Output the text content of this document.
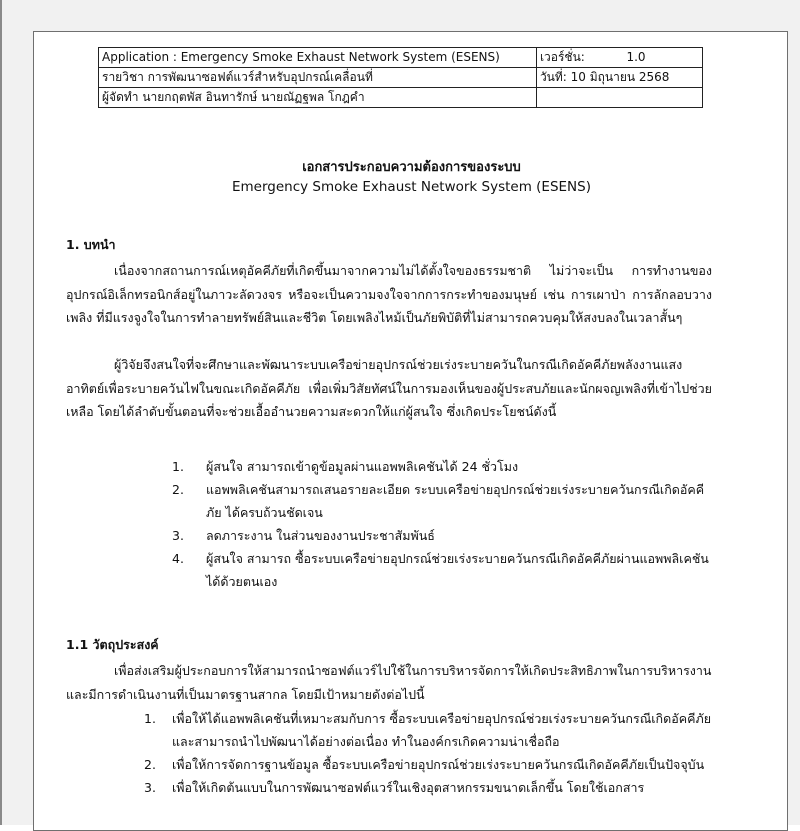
Application : Emergency Smoke Exhaust Network System (ESENS)	เวอร์ชั่น: 1.0
รายวิชา การพัฒนาซอฟต์แวร์สำหรับอุปกรณ์เคลื่อนที่	วันที่: 10 มิถุนายน 2568
ผู้จัดทำ นายกฤตพัส อินทารักษ์ นายณัฏฐพล โกฎคำ	
เอกสารประกอบความต้องการของระบบ
Emergency Smoke Exhaust Network System (ESENS)
1. บทนำ

เนื่องจากสถานการณ์เหตุอัคคีภัยที่เกิดขึ้นมาจากความไม่ได้ตั้งใจของธรรมชาติ ไม่ว่าจะเป็น การทำงานของอุปกรณ์อิเล็กทรอนิกส์อยู่ในภาวะลัดวงจร หรือจะเป็นความจงใจจากการกระทำของมนุษย์ เช่น การเผาป่า การลักลอบวางเพลิง ที่มีแรงจูงใจในการทำลายทรัพย์สินและชีวิต โดยเพลิงไหม้เป็นภัยพิบัติที่ไม่สามารถควบคุมให้สงบลงในเวลาสั้นๆ

ผู้วิจัยจึงสนใจที่จะศึกษาและพัฒนาระบบเครือข่ายอุปกรณ์ช่วยเร่งระบายควันในกรณีเกิดอัคคีภัยพลังงานแสงอาทิตย์เพื่อระบายควันไฟในขณะเกิดอัคคีภัย เพื่อเพิ่มวิสัยทัศน์ในการมองเห็นของผู้ประสบภัยและนักผจญเพลิงที่เข้าไปช่วยเหลือ โดยได้ลำดับขั้นตอนที่จะช่วยเอื้ออำนวยความสะดวกให้แก่ผู้สนใจ ซึ่งเกิดประโยชน์ดังนี้

1. ผู้สนใจ สามารถเข้าดูข้อมูลผ่านแอพพลิเคชันได้ 24 ชั่วโมง
2. แอพพลิเคชันสามารถเสนอรายละเอียด ระบบเครือข่ายอุปกรณ์ช่วยเร่งระบายควันกรณีเกิดอัคคีภัย ได้ครบถ้วนชัดเจน
3. ลดภาระงาน ในส่วนของงานประชาสัมพันธ์
4. ผู้สนใจ สามารถ ซื้อระบบเครือข่ายอุปกรณ์ช่วยเร่งระบายควันกรณีเกิดอัคคีภัยผ่านแอพพลิเคชันได้ด้วยตนเอง
1.1 วัตถุประสงค์

เพื่อส่งเสริมผู้ประกอบการให้สามารถนำซอฟต์แวร์ไปใช้ในการบริหารจัดการให้เกิดประสิทธิภาพในการบริหารงาน และมีการดำเนินงานที่เป็นมาตรฐานสากล โดยมีเป้าหมายดังต่อไปนี้

1. เพื่อให้ได้แอพพลิเคชันที่เหมาะสมกับการ ซื้อระบบเครือข่ายอุปกรณ์ช่วยเร่งระบายควันกรณีเกิดอัคคีภัย และสามารถนำไปพัฒนาได้อย่างต่อเนื่อง ทำในองค์กรเกิดความน่าเชื่อถือ
2. เพื่อให้การจัดการฐานข้อมูล ซื้อระบบเครือข่ายอุปกรณ์ช่วยเร่งระบายควันกรณีเกิดอัคคีภัยเป็นปัจจุบัน
3. เพื่อให้เกิดต้นแบบในการพัฒนาซอฟต์แวร์ในเชิงอุตสาหกรรมขนาดเล็กขึ้น โดยใช้เอกสาร
